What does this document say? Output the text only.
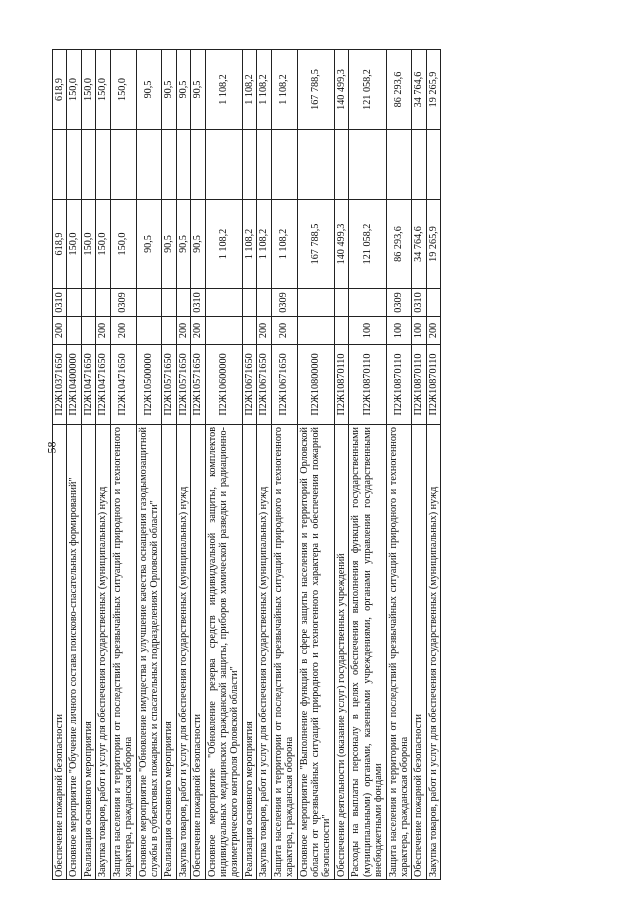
58
Обеспечение пожарной безопасности	П2Ж10371650	200	0310	618,9		618,9
Основное мероприятие "Обучение личного состава поисково-спасательных формирований"	П2Ж10400000			150,0		150,0
Реализация основного мероприятия	П2Ж10471650			150,0		150,0
Закупка товаров, работ и услуг для обеспечения государственных (муниципальных) нужд	П2Ж10471650	200		150,0		150,0
Защита населения и территории от последствий чрезвычайных ситуаций природного и техногенного характера, гражданская оборона	П2Ж10471650	200	0309	150,0		150,0
Основное мероприятие "Обновление имущества и улучшение качества оснащения газодымозащитной службы в субъектовых пожарных и спасательных подразделениях Орловской области"	П2Ж10500000			90,5		90,5
Реализация основного мероприятия	П2Ж10571650			90,5		90,5
Закупка товаров, работ и услуг для обеспечения государственных (муниципальных) нужд	П2Ж10571650	200		90,5		90,5
Обеспечение пожарной безопасности	П2Ж10571650	200	0310	90,5		90,5
Основное мероприятие "Обновление резерва средств индивидуальной защиты, комплектов индивидуальных медицинских гражданской защиты, приборов химической разведки и радиационно-дозиметрического контроля Орловской области"	П2Ж10600000			1 108,2		1 108,2
Реализация основного мероприятия	П2Ж10671650			1 108,2		1 108,2
Закупка товаров, работ и услуг для обеспечения государственных (муниципальных) нужд	П2Ж10671650	200		1 108,2		1 108,2
Защита населения и территории от последствий чрезвычайных ситуаций природного и техногенного характера, гражданская оборона	П2Ж10671650	200	0309	1 108,2		1 108,2
Основное мероприятие "Выполнение функций в сфере защиты населения и территорий Орловской области от чрезвычайных ситуаций природного и техногенного характера и обеспечения пожарной безопасности"	П2Ж10800000			167 788,5		167 788,5
Обеспечение деятельности (оказание услуг) государственных учреждений	П2Ж10870110			140 499,3		140 499,3
Расходы на выплаты персоналу в целях обеспечения выполнения функций государственными (муниципальными) органами, казенными учреждениями, органами управления государственными внебюджетными фондами	П2Ж10870110	100		121 058,2		121 058,2
Защита населения и территории от последствий чрезвычайных ситуаций природного и техногенного характера, гражданская оборона	П2Ж10870110	100	0309	86 293,6		86 293,6
Обеспечение пожарной безопасности	П2Ж10870110	100	0310	34 764,6		34 764,6
Закупка товаров, работ и услуг для обеспечения государственных (муниципальных) нужд	П2Ж10870110	200		19 265,9		19 265,9
